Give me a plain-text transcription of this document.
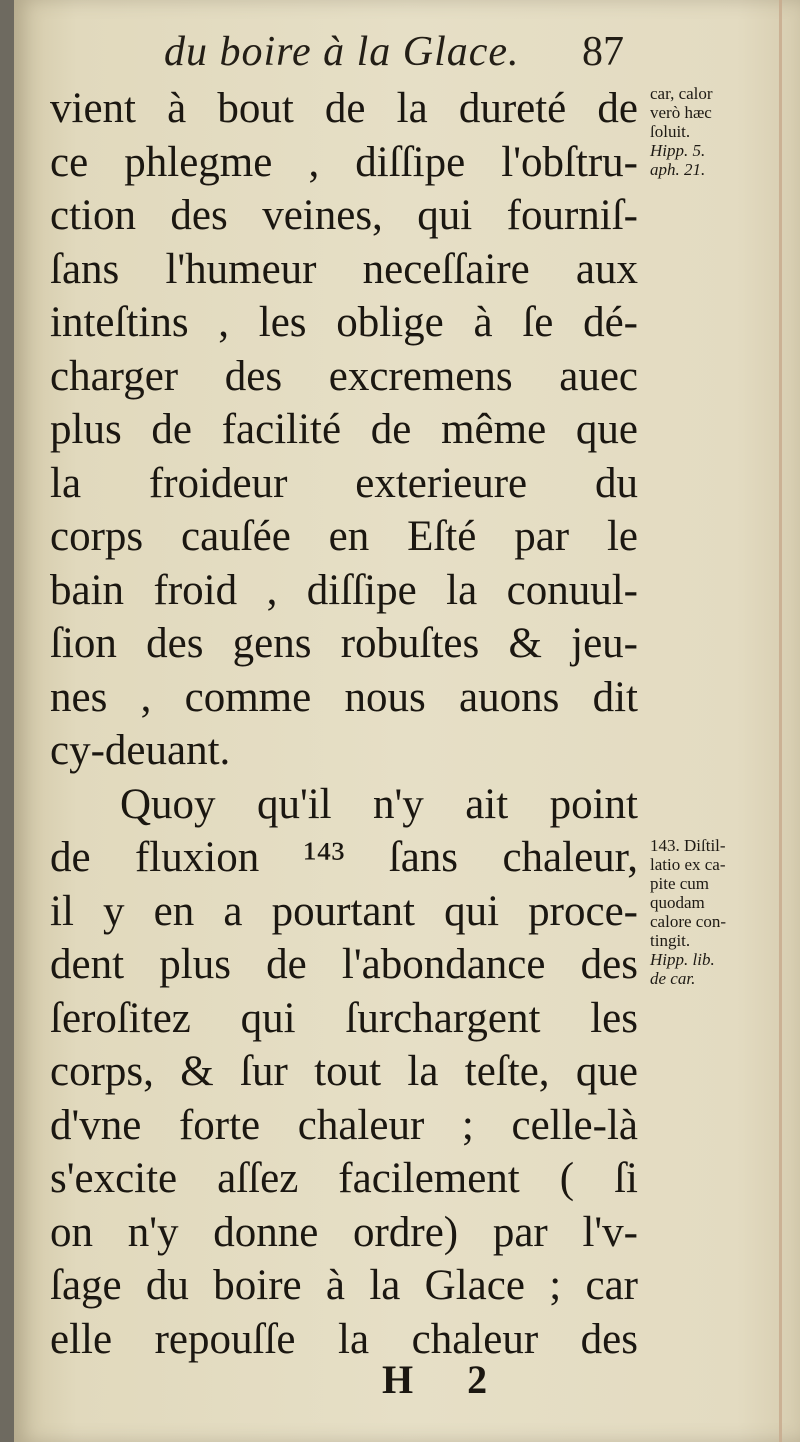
du boire à la Glace. 87
vient à bout de la dureté de
ce phlegme , diſſipe l'obſtru-
ction des veines, qui fourniſ-
ſans l'humeur neceſſaire aux
inteſtins , les oblige à ſe dé-
charger des excremens auec
plus de facilité de même que
la froideur exterieure du
corps cauſée en Eſté par le
bain froid , diſſipe la conuul-
ſion des gens robuſtes & jeu-
nes , comme nous auons dit
cy-deuant.
Quoy qu'il n'y ait point
de fluxion ¹⁴³ ſans chaleur,
il y en a pourtant qui proce-
dent plus de l'abondance des
ſeroſitez qui ſurchargent les
corps, & ſur tout la teſte, que
d'vne forte chaleur ; celle-là
s'excite aſſez facilement ( ſi
on n'y donne ordre) par l'v-
ſage du boire à la Glace ; car
elle repouſſe la chaleur des
car, calor
verò hæc
ſoluit.
Hipp. 5.
aph. 21.
143. Diſtil-
latio ex ca-
pite cum
quodam
calore con-
tingit.
Hipp. lib.
de car.
H 2
